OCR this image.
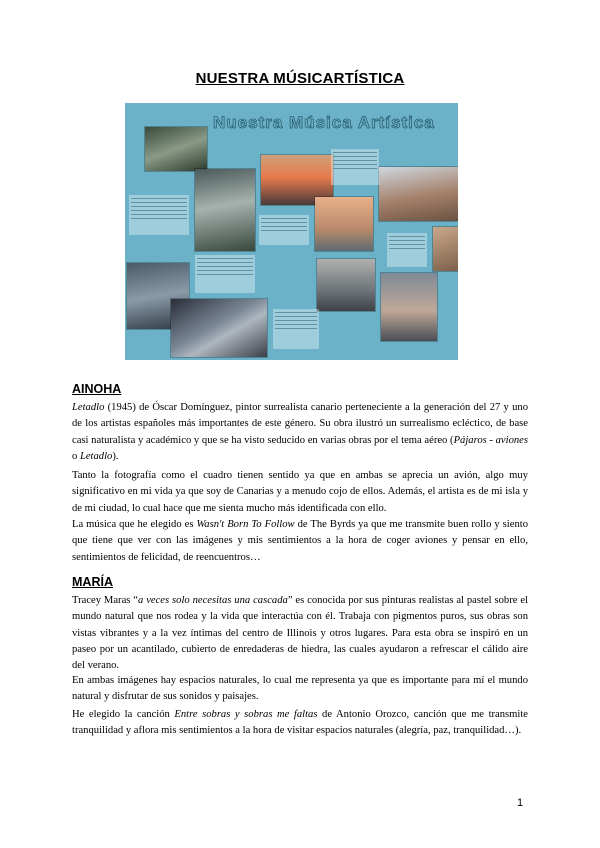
NUESTRA MÚSICARTÍSTICA
Nuestra Música Artística
AINOHA
Letadlo (1945) de Óscar Domínguez, pintor surrealista canario perteneciente a la generación del 27 y uno de los artistas españoles más importantes de este género. Su obra ilustró un surrealismo ecléctico, de base casi naturalista y académico y que se ha visto seducido en varias obras por el tema aéreo (Pájaros - aviones o Letadlo).
Tanto la fotografía como el cuadro tienen sentido ya que en ambas se aprecia un avión, algo muy significativo en mi vida ya que soy de Canarias y a menudo cojo de ellos. Además, el artista es de mi isla y de mi ciudad, lo cual hace que me sienta mucho más identificada con ello.
La música que he elegido es Wasn't Born To Follow de The Byrds ya que me transmite buen rollo y siento que tiene que ver con las imágenes y mis sentimientos a la hora de coger aviones y pensar en ello, sentimientos de felicidad, de reencuentros…
MARÍA
Tracey Maras “a veces solo necesitas una cascada” es conocida por sus pinturas realistas al pastel sobre el mundo natural que nos rodea y la vida que interactúa con él. Trabaja con pigmentos puros, sus obras son vistas vibrantes y a la vez íntimas del centro de Illinois y otros lugares. Para esta obra se inspiró en un paseo por un acantilado, cubierto de enredaderas de hiedra, las cuales ayudaron a refrescar el cálido aire del verano.
En ambas imágenes hay espacios naturales, lo cual me representa ya que es importante para mí el mundo natural y disfrutar de sus sonidos y paisajes.
He elegido la canción Entre sobras y sobras me faltas de Antonio Orozco, canción que me transmite tranquilidad y aflora mis sentimientos a la hora de visitar espacios naturales (alegría, paz, tranquilidad…).
1
